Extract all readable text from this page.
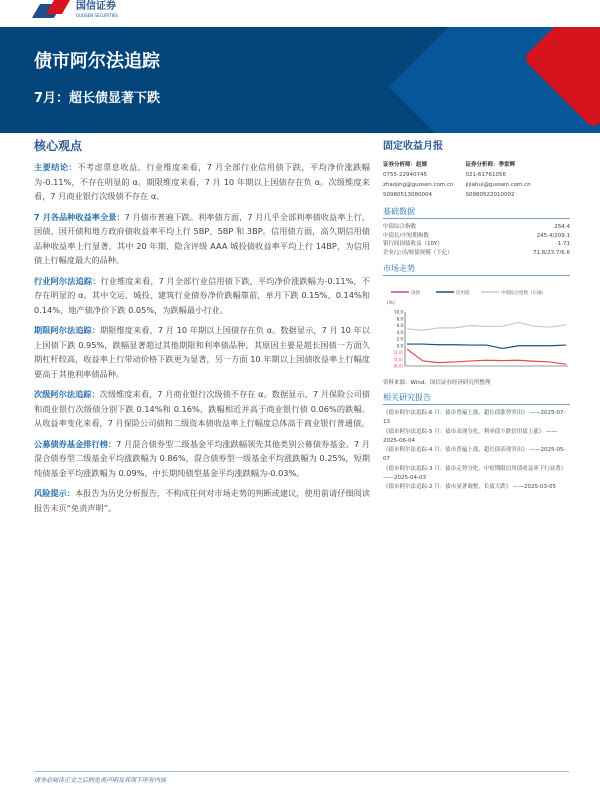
国信证券
GUOSEN SECURITIES
债市阿尔法追踪
7月：超长债显著下跌
核心观点
主要结论：不考虑票息收益，行业维度来看，7 月全部行业信用债下跌，平均净价涨跌幅为-0.11%，不存在明显的 α。期限维度来看，7 月 10 年期以上国债存在负 α。次级维度来看，7 月商业银行次级债不存在 α。
7 月各品种收益率全景：7 月债市普遍下跌。利率债方面，7 月几乎全部利率债收益率上行，国债、国开债和地方政府债收益率平均上行 5BP、5BP 和 3BP。信用债方面，高久期信用债品种收益率上行显著，其中 20 年期、隐含评级 AAA 城投债收益率平均上行 14BP，为信用债上行幅度最大的品种。
行业阿尔法追踪：行业维度来看，7 月全部行业信用债下跌，平均净价涨跌幅为-0.11%，不存在明显的 α。其中交运、城投、建筑行业债券净价跌幅靠前，单月下跌 0.15%、0.14%和 0.14%，地产债净价下跌 0.05%，为跌幅最小行业。
期限阿尔法追踪：期限维度来看，7 月 10 年期以上国债存在负 α。数据显示，7 月 10 年以上国债下跌 0.95%，跌幅显著超过其他期限和利率债品种。其原因主要是超长国债一方面久期杠杆较高，收益率上行带动价格下跌更为显著，另一方面 10 年期以上国债收益率上行幅度要高于其他利率债品种。
次级阿尔法追踪：次级维度来看，7 月商业银行次级债不存在 α。数据显示，7 月保险公司债和商业银行次级债分别下跌 0.14%和 0.16%，跌幅相近并高于商业银行债 0.06%的跌幅。从收益率变化来看，7 月保险公司债和二级资本债收益率上行幅度总体高于商业银行普通债。
公募债券基金排行榜：7 月混合债券型二级基金平均涨跌幅领先其他类别公募债券基金。7 月混合债券型二级基金平均涨跌幅为 0.86%，混合债券型一级基金平均涨跌幅为 0.25%，短期纯债基金平均涨跌幅为 0.09%，中长期纯债型基金平均涨跌幅为-0.03%。
风险提示：本报告为历史分析报告，不构成任何对市场走势的判断或建议，使用前请仔细阅读报告末页“免责声明”。
固定收益月报
证券分析师：赵婧
0755-22940745
zhaojing@guosen.com.cn
S0980513080004
证券分析师：季家辉
021-61761056
jijiahui@guosen.com.cn
S0980522010002
基础数据
中债综合指数	254.4
中债长/中短期指数	245.4/209.1
银行间国债收益（10Y）	1.71
企业/公司/转债规模（千亿）	71.8/23.7/6.6
市场走势
国债	信用债	中债综合指数（右轴）
(%)
10.0
8.0
6.0
4.0
2.0
0.0
(2.0)
(4.0)
(6.0)
资料来源：Wind、国信证券经济研究所整理
相关研究报告
《债市阿尔法追踪-6 月：债市普遍上涨，超长债涨势突出》 ——2025-07-13
《债市阿尔法追踪-5 月：债市表现分化，利率债下跌信用债上涨》 ——2025-06-04
《债市阿尔法追踪-4 月：债市普遍上涨，超长债表现突出》 ——2025-05-07
《债市阿尔法追踪-3 月：债市走势分化，中短期限信用债收益率下行显著》 ——2025-04-03
《债市阿尔法追踪-2 月：债市显著调整，长债大跌》 ——2025-03-05
请务必阅读正文之后的免责声明及其项下所有内容
